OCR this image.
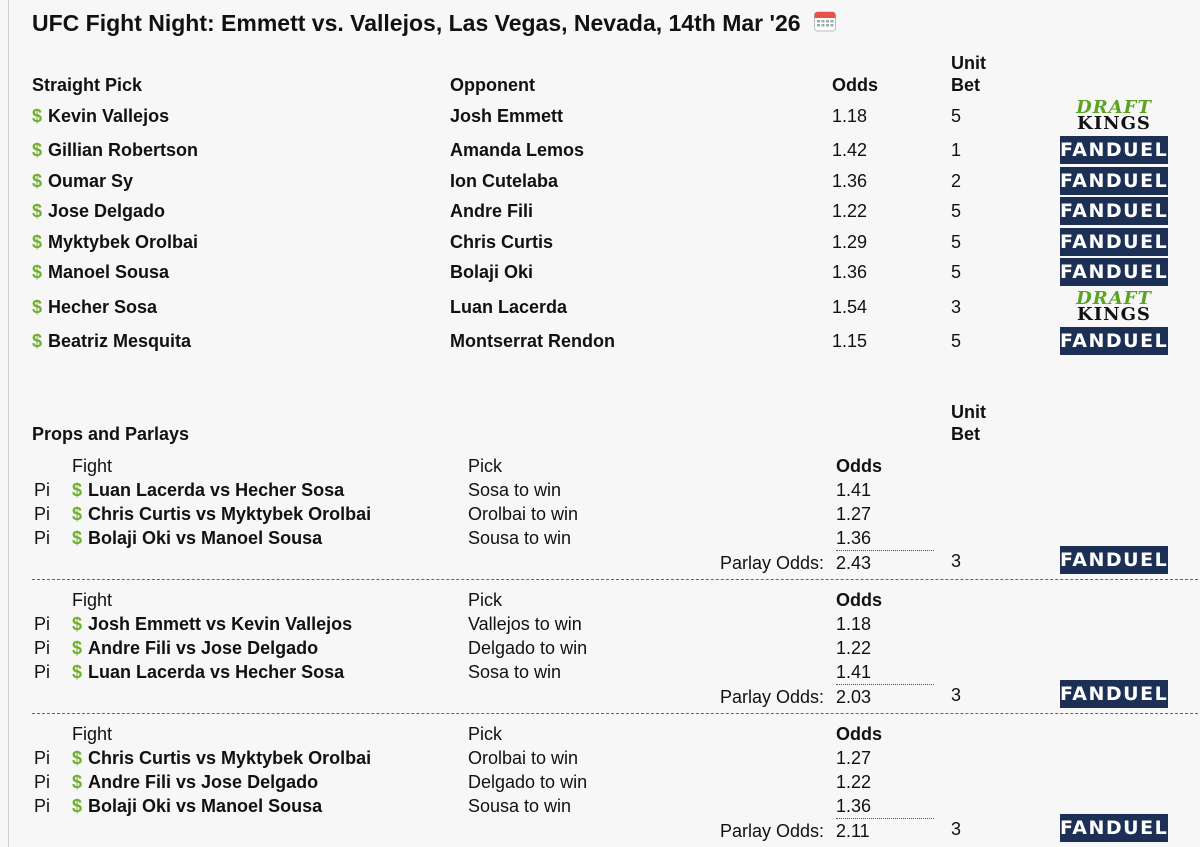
UFC Fight Night: Emmett vs. Vallejos, Las Vegas, Nevada, 14th Mar '26
Straight Pick	Opponent	Odds
Unit
Bet
$ Kevin Vallejos	Josh Emmett	1.18	5	DRAFT
KINGS
$ Gillian Robertson	Amanda Lemos	1.42	1	FANDUEL
$ Oumar Sy	Ion Cutelaba	1.36	2	FANDUEL
$ Jose Delgado	Andre Fili	1.22	5	FANDUEL
$ Myktybek Orolbai	Chris Curtis	1.29	5	FANDUEL
$ Manoel Sousa	Bolaji Oki	1.36	5	FANDUEL
$ Hecher Sosa	Luan Lacerda	1.54	3	DRAFT
KINGS
$ Beatriz Mesquita	Montserrat Rendon	1.15	5	FANDUEL
Props and Parlays
Unit
Bet
Fight	Pick	Odds
Pi $ Luan Lacerda vs Hecher Sosa	Sosa to win	1.41
Pi $ Chris Curtis vs Myktybek Orolbai	Orolbai to win	1.27
Pi $ Bolaji Oki vs Manoel Sousa	Sousa to win	1.36
Parlay Odds: 2.43	3	FANDUEL
Fight	Pick	Odds
Pi $ Josh Emmett vs Kevin Vallejos	Vallejos to win	1.18
Pi $ Andre Fili vs Jose Delgado	Delgado to win	1.22
Pi $ Luan Lacerda vs Hecher Sosa	Sosa to win	1.41
Parlay Odds: 2.03	3	FANDUEL
Fight	Pick	Odds
Pi $ Chris Curtis vs Myktybek Orolbai	Orolbai to win	1.27
Pi $ Andre Fili vs Jose Delgado	Delgado to win	1.22
Pi $ Bolaji Oki vs Manoel Sousa	Sousa to win	1.36
Parlay Odds: 2.11	3	FANDUEL
